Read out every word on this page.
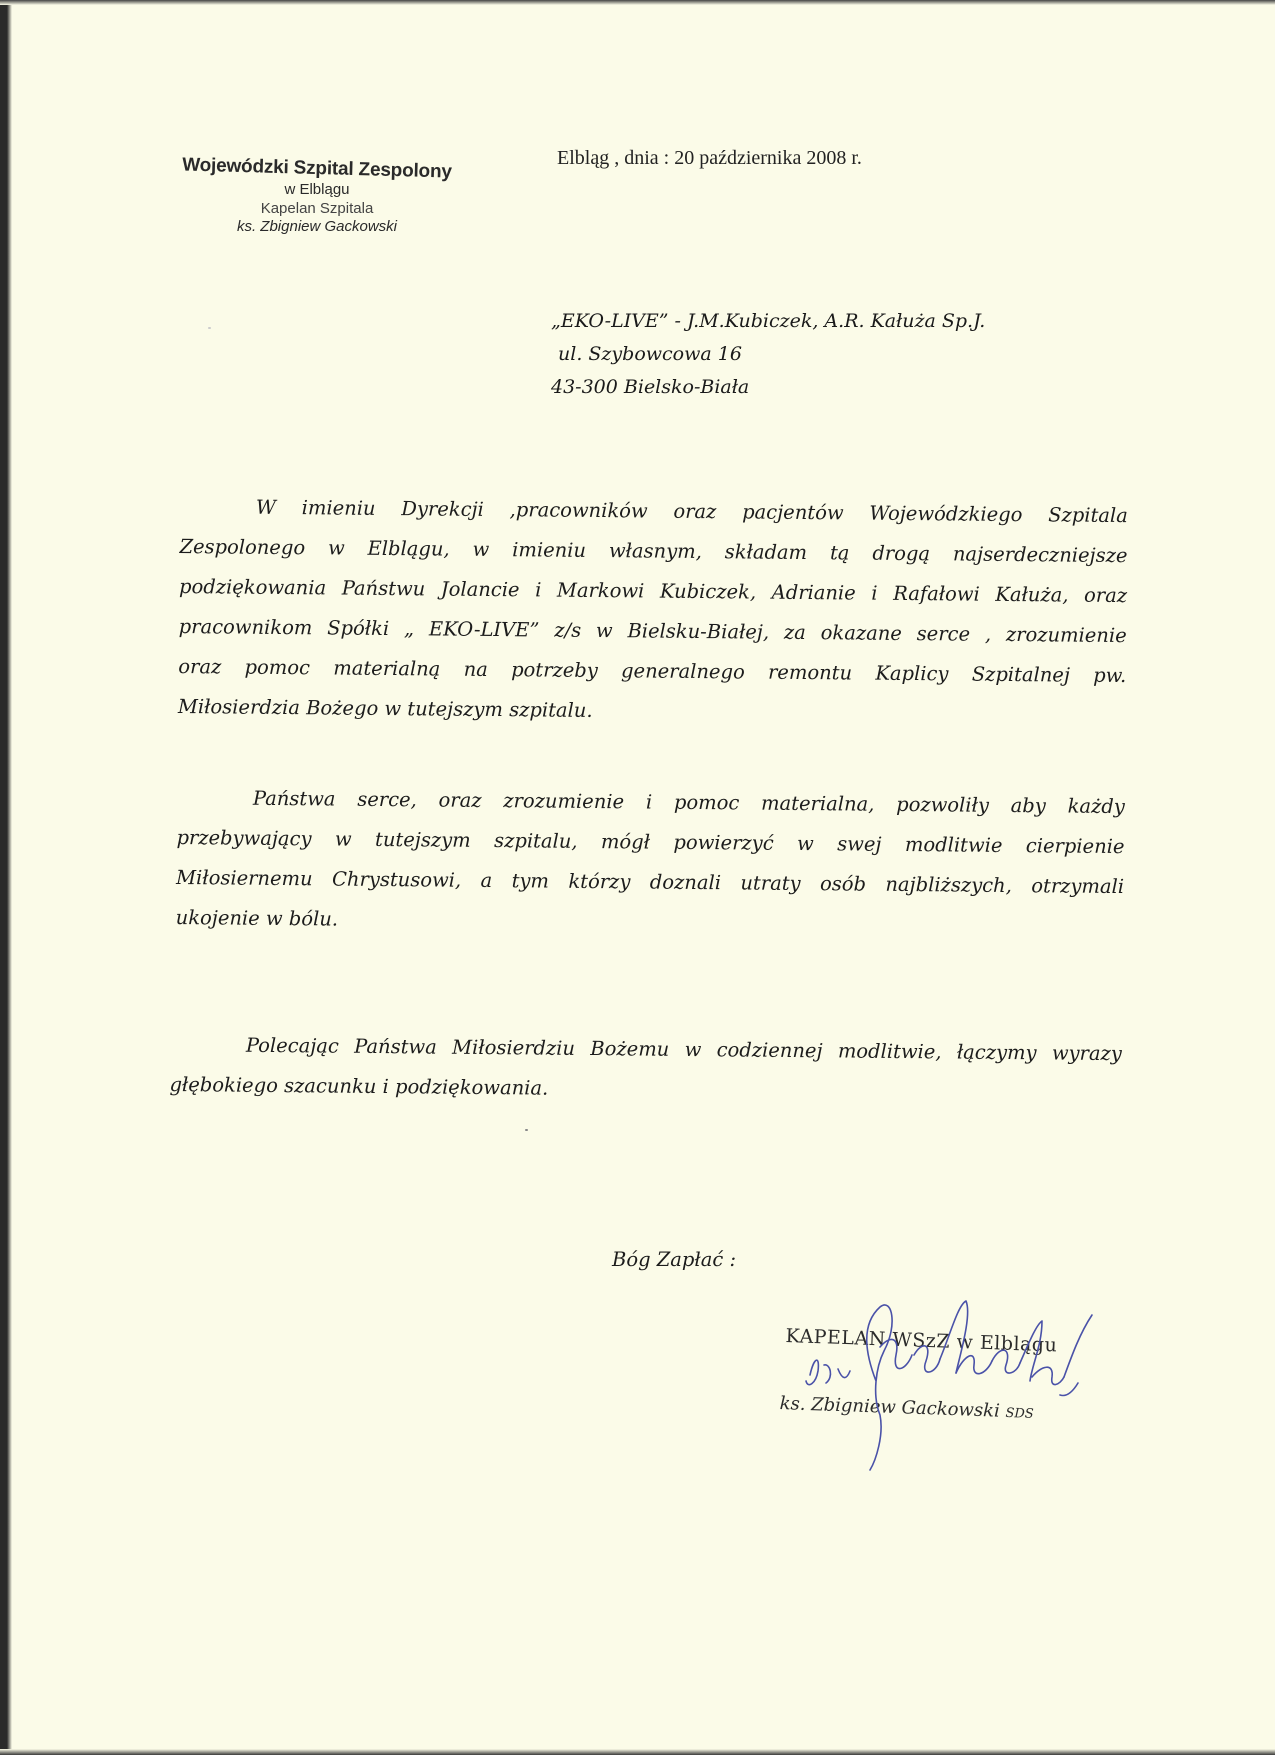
Wojewódzki Szpital Zespolony
w Elblągu
Kapelan Szpitala
ks. Zbigniew Gackowski
Elbląg , dnia : 20 października 2008 r.
„EKO-LIVE” - J.M.Kubiczek, A.R. Kałuża Sp.J.
ul. Szybowcowa 16
43-300 Bielsko-Biała
W imieniu Dyrekcji ,pracowników oraz pacjentów Wojewódzkiego Szpitala
Zespolonego w Elblągu, w imieniu własnym, składam tą drogą najserdeczniejsze
podziękowania Państwu Jolancie i Markowi Kubiczek, Adrianie i Rafałowi Kałuża, oraz
pracownikom Spółki „ EKO-LIVE” z/s w Bielsku-Białej, za okazane serce , zrozumienie
oraz pomoc materialną na potrzeby generalnego remontu Kaplicy Szpitalnej pw.
Miłosierdzia Bożego w tutejszym szpitalu.
Państwa serce, oraz zrozumienie i pomoc materialna, pozwoliły aby każdy
przebywający w tutejszym szpitalu, mógł powierzyć w swej modlitwie cierpienie
Miłosiernemu Chrystusowi, a tym którzy doznali utraty osób najbliższych, otrzymali
ukojenie w bólu.
Polecając Państwa Miłosierdziu Bożemu w codziennej modlitwie, łączymy wyrazy
głębokiego szacunku i podziękowania.
Bóg Zapłać :
KAPELAN WSzZ w Elblągu
ks. Zbigniew Gackowski SDS
